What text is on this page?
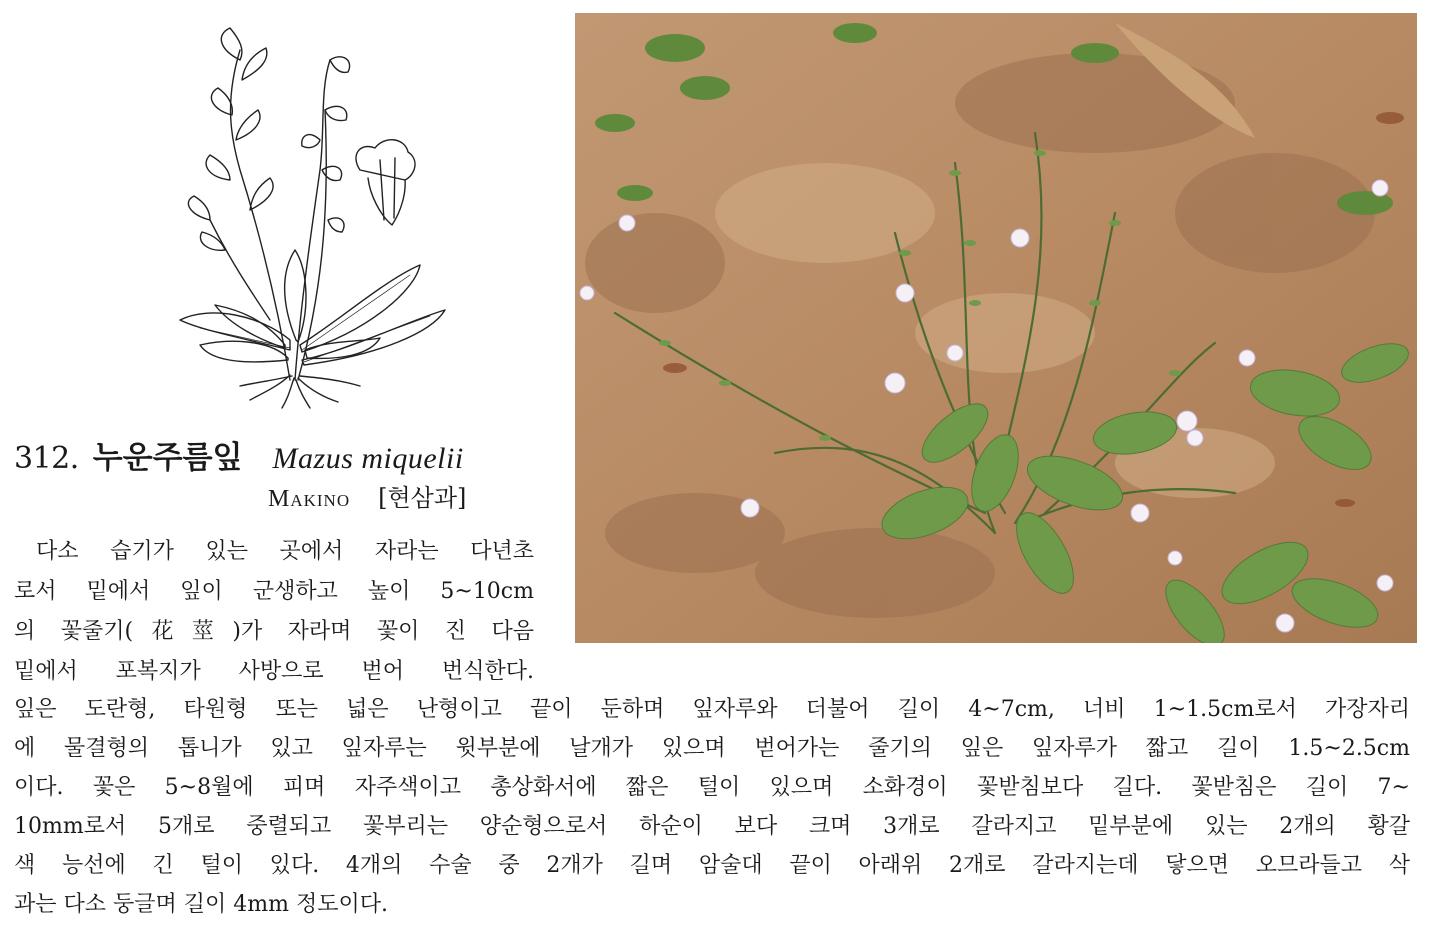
312. 누운주름잎 Mazus miquelii
Makino [현삼과]
다소 습기가 있는 곳에서 자라는 다년초
로서 밑에서 잎이 군생하고 높이 5~10cm
의 꽃줄기(花莖)가 자라며 꽃이 진 다음
밑에서 포복지가 사방으로 벋어 번식한다.
잎은 도란형, 타원형 또는 넓은 난형이고 끝이 둔하며 잎자루와 더불어 길이 4~7cm, 너비 1~1.5cm로서 가장자리
에 물결형의 톱니가 있고 잎자루는 윗부분에 날개가 있으며 벋어가는 줄기의 잎은 잎자루가 짧고 길이 1.5~2.5cm
이다. 꽃은 5~8월에 피며 자주색이고 총상화서에 짧은 털이 있으며 소화경이 꽃받침보다 길다. 꽃받침은 길이 7~
10mm로서 5개로 중렬되고 꽃부리는 양순형으로서 하순이 보다 크며 3개로 갈라지고 밑부분에 있는 2개의 황갈
색 능선에 긴 털이 있다. 4개의 수술 중 2개가 길며 암술대 끝이 아래위 2개로 갈라지는데 닿으면 오므라들고 삭
과는 다소 둥글며 길이 4mm 정도이다.
